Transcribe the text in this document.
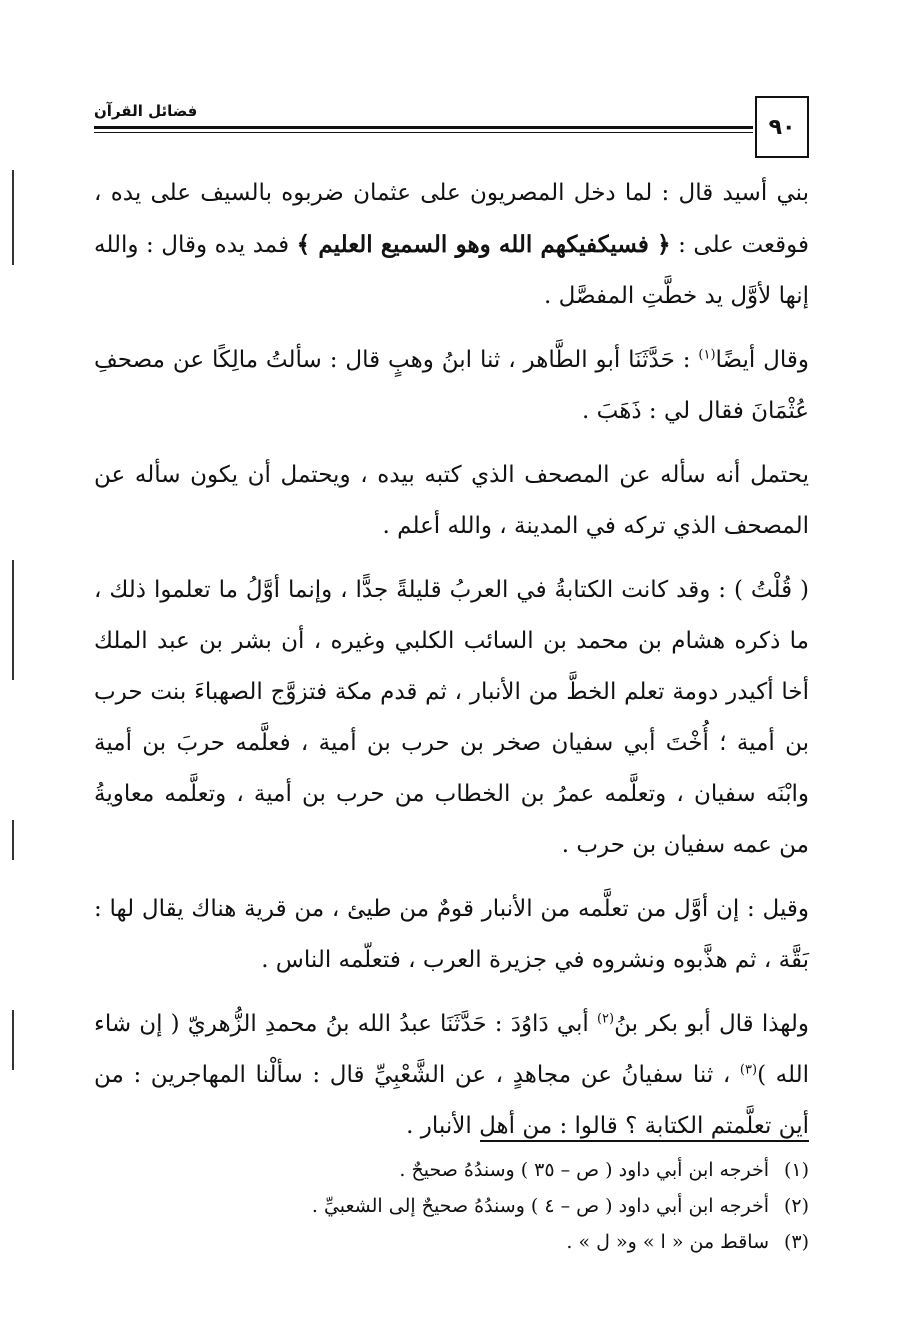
٩٠
فضائل القرآن

بني أسيد قال : لما دخل المصريون على عثمان ضربوه بالسيف على يده ، فوقعت على : ﴿ فسيكفيكهم الله وهو السميع العليم ﴾ فمد يده وقال : والله إنها لأوَّل يد خطَّتِ المفصَّل .

وقال أيضًا$^{(١)}$ : حَدَّثَنَا أبو الطَّاهر ، ثنا ابنُ وهبٍ قال : سألتُ مالِكًا عن مصحفِ عُثْمَانَ فقال لي : ذَهَبَ .

يحتمل أنه سأله عن المصحف الذي كتبه بيده ، ويحتمل أن يكون سأله عن المصحف الذي تركه في المدينة ، والله أعلم .

( قُلْتُ ) : وقد كانت الكتابةُ في العربُ قليلةً جدًّا ، وإنما أوَّلُ ما تعلموا ذلك ، ما ذكره هشام بن محمد بن السائب الكلبي وغيره ، أن بشر بن عبد الملك أخا أكيدر دومة تعلم الخطَّ من الأنبار ، ثم قدم مكة فتزوَّج الصهباءَ بنت حرب بن أمية ؛ أُخْتَ أبي سفيان صخر بن حرب بن أمية ، فعلَّمه حربَ بن أمية وابْنَه سفيان ، وتعلَّمه عمرُ بن الخطاب من حرب بن أمية ، وتعلَّمه معاويةُ من عمه سفيان بن حرب .

وقيل : إن أوَّل من تعلَّمه من الأنبار قومٌ من طيئ ، من قرية هناك يقال لها : بَقَّة ، ثم هذَّبوه ونشروه في جزيرة العرب ، فتعلّمه الناس .

ولهذا قال أبو بكر بنُ$^{(٢)}$ أبي دَاوُدَ : حَدَّثَنَا عبدُ الله بنُ محمدِ الزُّهريّ ( إن شاء الله )$^{(٣)}$ ، ثنا سفيانُ عن مجاهدٍ ، عن الشَّعْبِيِّ قال : سألْنا المهاجرين : من أين تعلَّمتم الكتابة ؟ قالوا : من أهل الأنبار .

(١)
أخرجه ابن أبي داود ( ص – ٣٥ ) وسندُهُ صحيحٌ .
(٢)
أخرجه ابن أبي داود ( ص – ٤ ) وسندُهُ صحيحٌ إلى الشعبيِّ .
(٣)
ساقط من « ا » و« ل » .
